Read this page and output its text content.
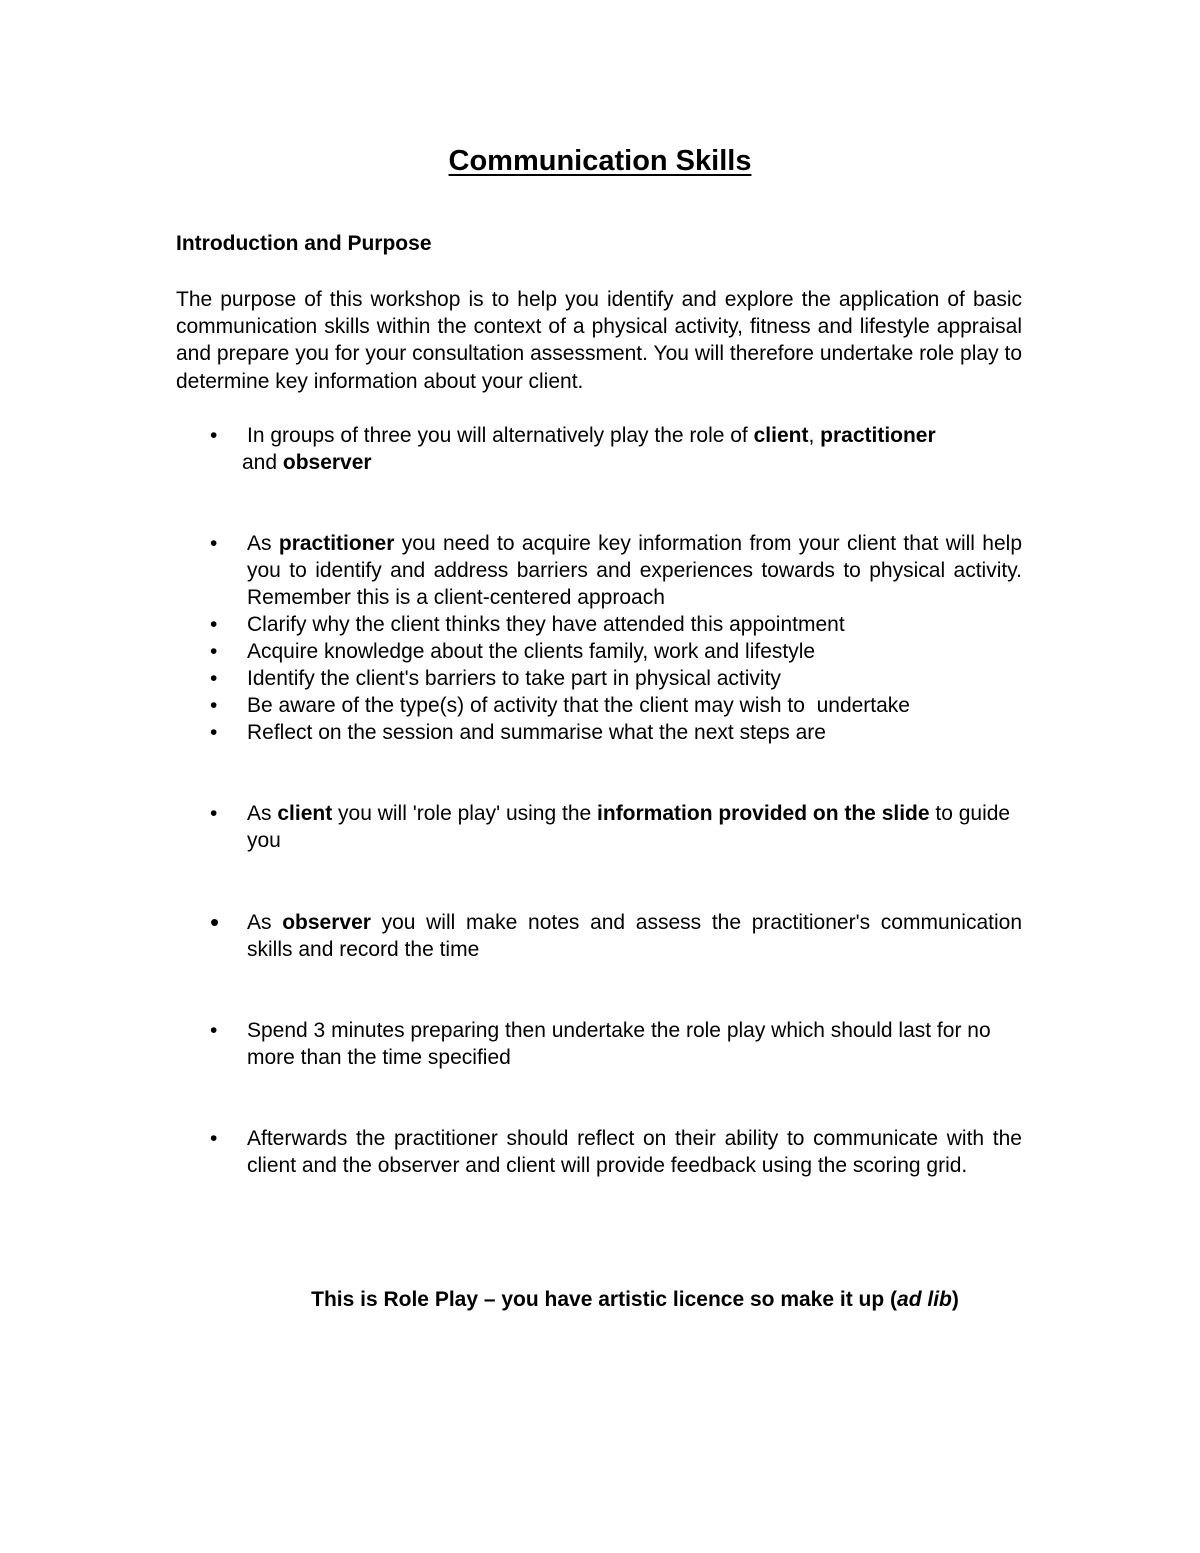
Communication Skills
Introduction and Purpose

The purpose of this workshop is to help you identify and explore the application of basic communication skills within the context of a physical activity, fitness and lifestyle appraisal and prepare you for your consultation assessment. You will therefore undertake role play to determine key information about your client.

•	In groups of three you will alternatively play the role of client, practitioner
and observer
•	As practitioner you need to acquire key information from your client that will help you to identify and address barriers and experiences towards to physical activity. Remember this is a client-centered approach
•	Clarify why the client thinks they have attended this appointment
•	Acquire knowledge about the clients family, work and lifestyle
•	Identify the client's barriers to take part in physical activity
•	Be aware of the type(s) of activity that the client may wish to  undertake
•	Reflect on the session and summarise what the next steps are
•	As client you will 'role play' using the information provided on the slide to guide you
•	As observer you will make notes and assess the practitioner's communication skills and record the time
•	Spend 3 minutes preparing then undertake the role play which should last for no more than the time specified
•	Afterwards the practitioner should reflect on their ability to communicate with the client and the observer and client will provide feedback using the scoring grid.
This is Role Play – you have artistic licence so make it up (ad lib)
